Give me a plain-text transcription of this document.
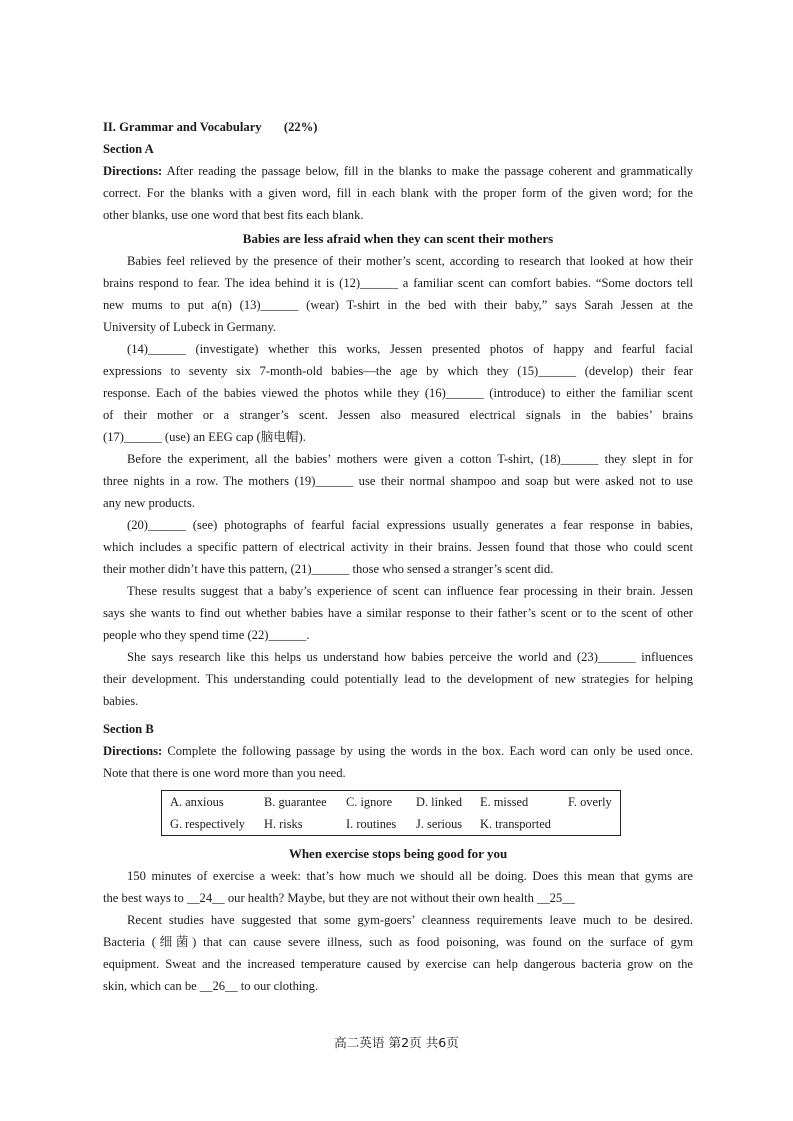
II. Grammar and Vocabulary (22%)
Section A
Directions: After reading the passage below, fill in the blanks to make the passage coherent and grammatically
correct. For the blanks with a given word, fill in each blank with the proper form of the given word; for the
other blanks, use one word that best fits each blank.
Babies are less afraid when they can scent their mothers
Babies feel relieved by the presence of their mother’s scent, according to research that looked at how their
brains respond to fear. The idea behind it is (12)______ a familiar scent can comfort babies. “Some doctors tell
new mums to put a(n) (13)______ (wear) T-shirt in the bed with their baby,” says Sarah Jessen at the
University of Lubeck in Germany.
(14)______ (investigate) whether this works, Jessen presented photos of happy and fearful facial
expressions to seventy six 7-month-old babies—the age by which they (15)______ (develop) their fear
response. Each of the babies viewed the photos while they (16)______ (introduce) to either the familiar scent
of their mother or a stranger’s scent. Jessen also measured electrical signals in the babies’ brains
(17)______ (use) an EEG cap (脑电帽).
Before the experiment, all the babies’ mothers were given a cotton T-shirt, (18)______ they slept in for
three nights in a row. The mothers (19)______ use their normal shampoo and soap but were asked not to use
any new products.
(20)______ (see) photographs of fearful facial expressions usually generates a fear response in babies,
which includes a specific pattern of electrical activity in their brains. Jessen found that those who could scent
their mother didn’t have this pattern, (21)______ those who sensed a stranger’s scent did.
These results suggest that a baby’s experience of scent can influence fear processing in their brain. Jessen
says she wants to find out whether babies have a similar response to their father’s scent or to the scent of other
people who they spend time (22)______.
She says research like this helps us understand how babies perceive the world and (23)______ influences
their development. This understanding could potentially lead to the development of new strategies for helping
babies.
Section B
Directions: Complete the following passage by using the words in the box. Each word can only be used once.
Note that there is one word more than you need.
A. anxious	B. guarantee C. ignore D. linked E. missed	F. overly
G. respectively H. risks	I. routines J. serious K. transported
When exercise stops being good for you
150 minutes of exercise a week: that’s how much we should all be doing. Does this mean that gyms are
the best ways to __24__ our health? Maybe, but they are not without their own health __25__
Recent studies have suggested that some gym-goers’ cleanness requirements leave much to be desired.
Bacteria (细菌) that can cause severe illness, such as food poisoning, was found on the surface of gym
equipment. Sweat and the increased temperature caused by exercise can help dangerous bacteria grow on the
skin, which can be __26__ to our clothing.
高二英语 第2页 共6页
